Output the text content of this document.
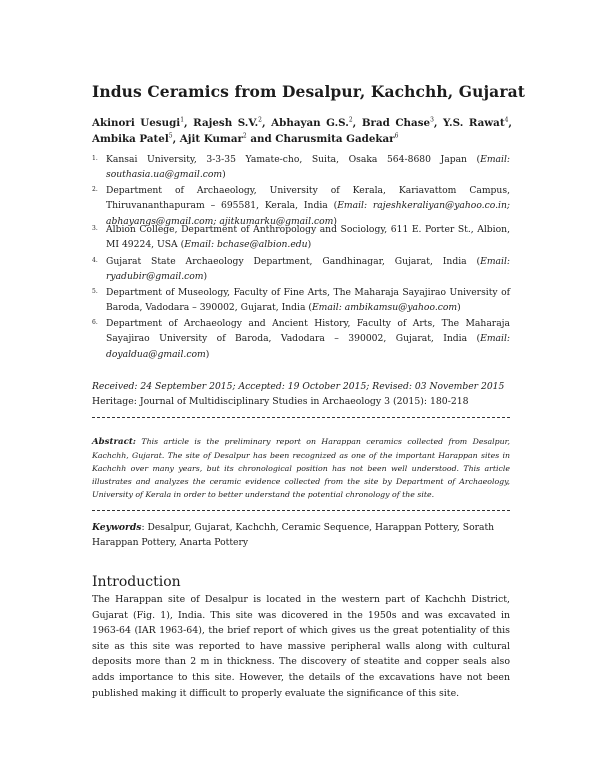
Indus Ceramics from Desalpur, Kachchh, Gujarat
Akinori Uesugi$^1$, Rajesh S.V.$^2$, Abhayan G.S.$^2$, Brad Chase$^3$, Y.S. Rawat$^4$, Ambika Patel$^5$, Ajit Kumar$^2$ and Charusmita Gadekar$^6$
1. Kansai University, 3-3-35 Yamate-cho, Suita, Osaka 564-8680 Japan (Email: southasia.ua@gmail.com)
2. Department of Archaeology, University of Kerala, Kariavattom Campus, Thiruvananthapuram – 695581, Kerala, India (Email: rajeshkeraliyan@yahoo.co.in; abhayangs@gmail.com; ajitkumarku@gmail.com)
3. Albion College, Department of Anthropology and Sociology, 611 E. Porter St., Albion, MI 49224, USA (Email: bchase@albion.edu)
4. Gujarat State Archaeology Department, Gandhinagar, Gujarat, India (Email: ryadubir@gmail.com)
5. Department of Museology, Faculty of Fine Arts, The Maharaja Sayajirao University of Baroda, Vadodara – 390002, Gujarat, India (Email: ambikamsu@yahoo.com)
6. Department of Archaeology and Ancient History, Faculty of Arts, The Maharaja Sayajirao University of Baroda, Vadodara – 390002, Gujarat, India (Email: doyaldua@gmail.com)
Received: 24 September 2015; Accepted: 19 October 2015; Revised: 03 November 2015
Heritage: Journal of Multidisciplinary Studies in Archaeology 3 (2015): 180-218
Abstract: This article is the preliminary report on Harappan ceramics collected from Desalpur, Kachchh, Gujarat. The site of Desalpur has been recognized as one of the important Harappan sites in Kachchh over many years, but its chronological position has not been well understood. This article illustrates and analyzes the ceramic evidence collected from the site by Department of Archaeology, University of Kerala in order to better understand the potential chronology of the site.
Keywords: Desalpur, Gujarat, Kachchh, Ceramic Sequence, Harappan Pottery, Sorath Harappan Pottery, Anarta Pottery
Introduction
The Harappan site of Desalpur is located in the western part of Kachchh District, Gujarat (Fig. 1), India. This site was dicovered in the 1950s and was excavated in 1963-64 (IAR 1963-64), the brief report of which gives us the great potentiality of this site as this site was reported to have massive peripheral walls along with cultural deposits more than 2 m in thickness. The discovery of steatite and copper seals also adds importance to this site. However, the details of the excavations have not been published making it difficult to properly evaluate the significance of this site.
